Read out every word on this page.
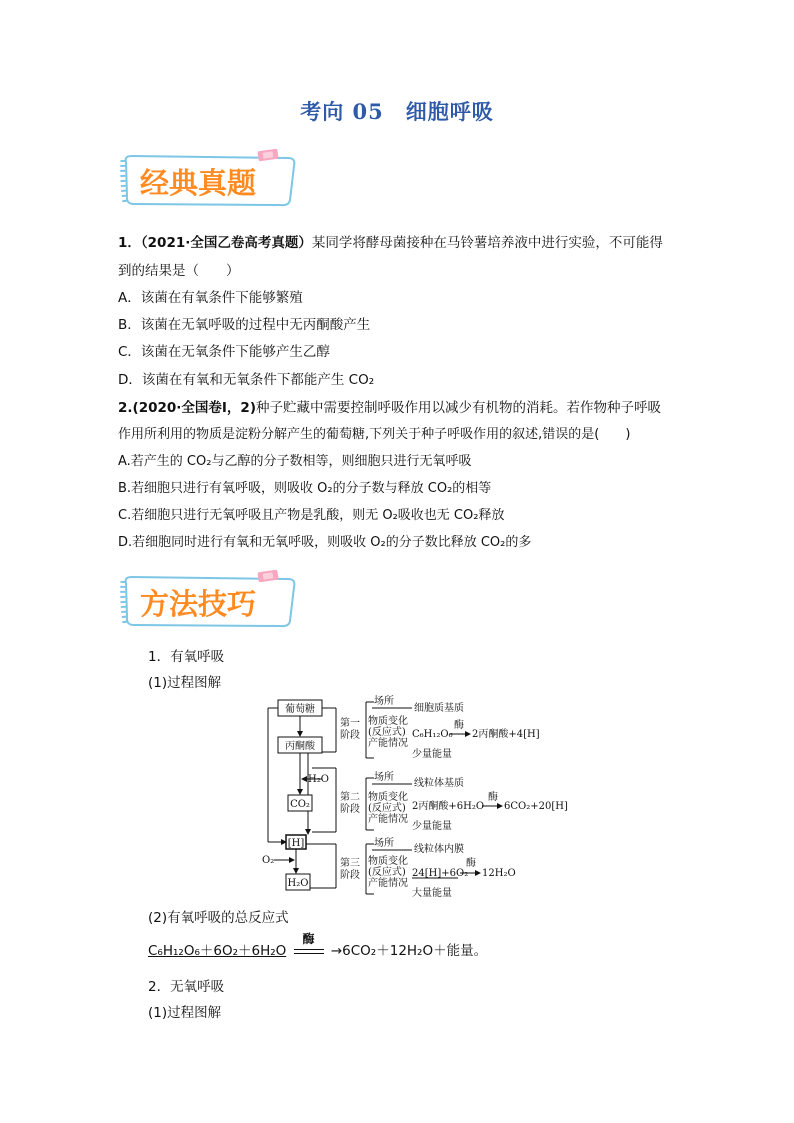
考向 05　细胞呼吸
经典真题
1．（2021·全国乙卷高考真题）某同学将酵母菌接种在马铃薯培养液中进行实验，不可能得
到的结果是（　　）
A．该菌在有氧条件下能够繁殖
B．该菌在无氧呼吸的过程中无丙酮酸产生
C．该菌在无氧条件下能够产生乙醇
D．该菌在有氧和无氧条件下都能产生 CO₂
2.(2020·全国卷Ⅰ，2)种子贮藏中需要控制呼吸作用以减少有机物的消耗。若作物种子呼吸
作用所利用的物质是淀粉分解产生的葡萄糖,下列关于种子呼吸作用的叙述,错误的是(　　)
A.若产生的 CO₂与乙醇的分子数相等，则细胞只进行无氧呼吸
B.若细胞只进行有氧呼吸，则吸收 O₂的分子数与释放 CO₂的相等
C.若细胞只进行无氧呼吸且产物是乳酸，则无 O₂吸收也无 CO₂释放
D.若细胞同时进行有氧和无氧呼吸，则吸收 O₂的分子数比释放 CO₂的多
方法技巧
1．有氧呼吸
(1)过程图解
葡萄糖
丙酮酸
H₂O
CO₂
[H]
O₂
H₂O
第一
阶段
场所
物质变化
(反应式)
产能情况
细胞质基质
C₆H₁₂O₆
酶
2丙酮酸+4[H]
少量能量
第二
阶段
场所
物质变化
(反应式)
产能情况
线粒体基质
2丙酮酸+6H₂O
酶
6CO₂+20[H]
少量能量
第三
阶段
场所
物质变化
(反应式)
产能情况
线粒体内膜
24[H]+6O₂
酶
12H₂O
大量能量
(2)有氧呼吸的总反应式
C₆H₁₂O₆＋6O₂＋6H₂O
酶
→6CO₂＋12H₂O＋能量。
2．无氧呼吸
(1)过程图解
